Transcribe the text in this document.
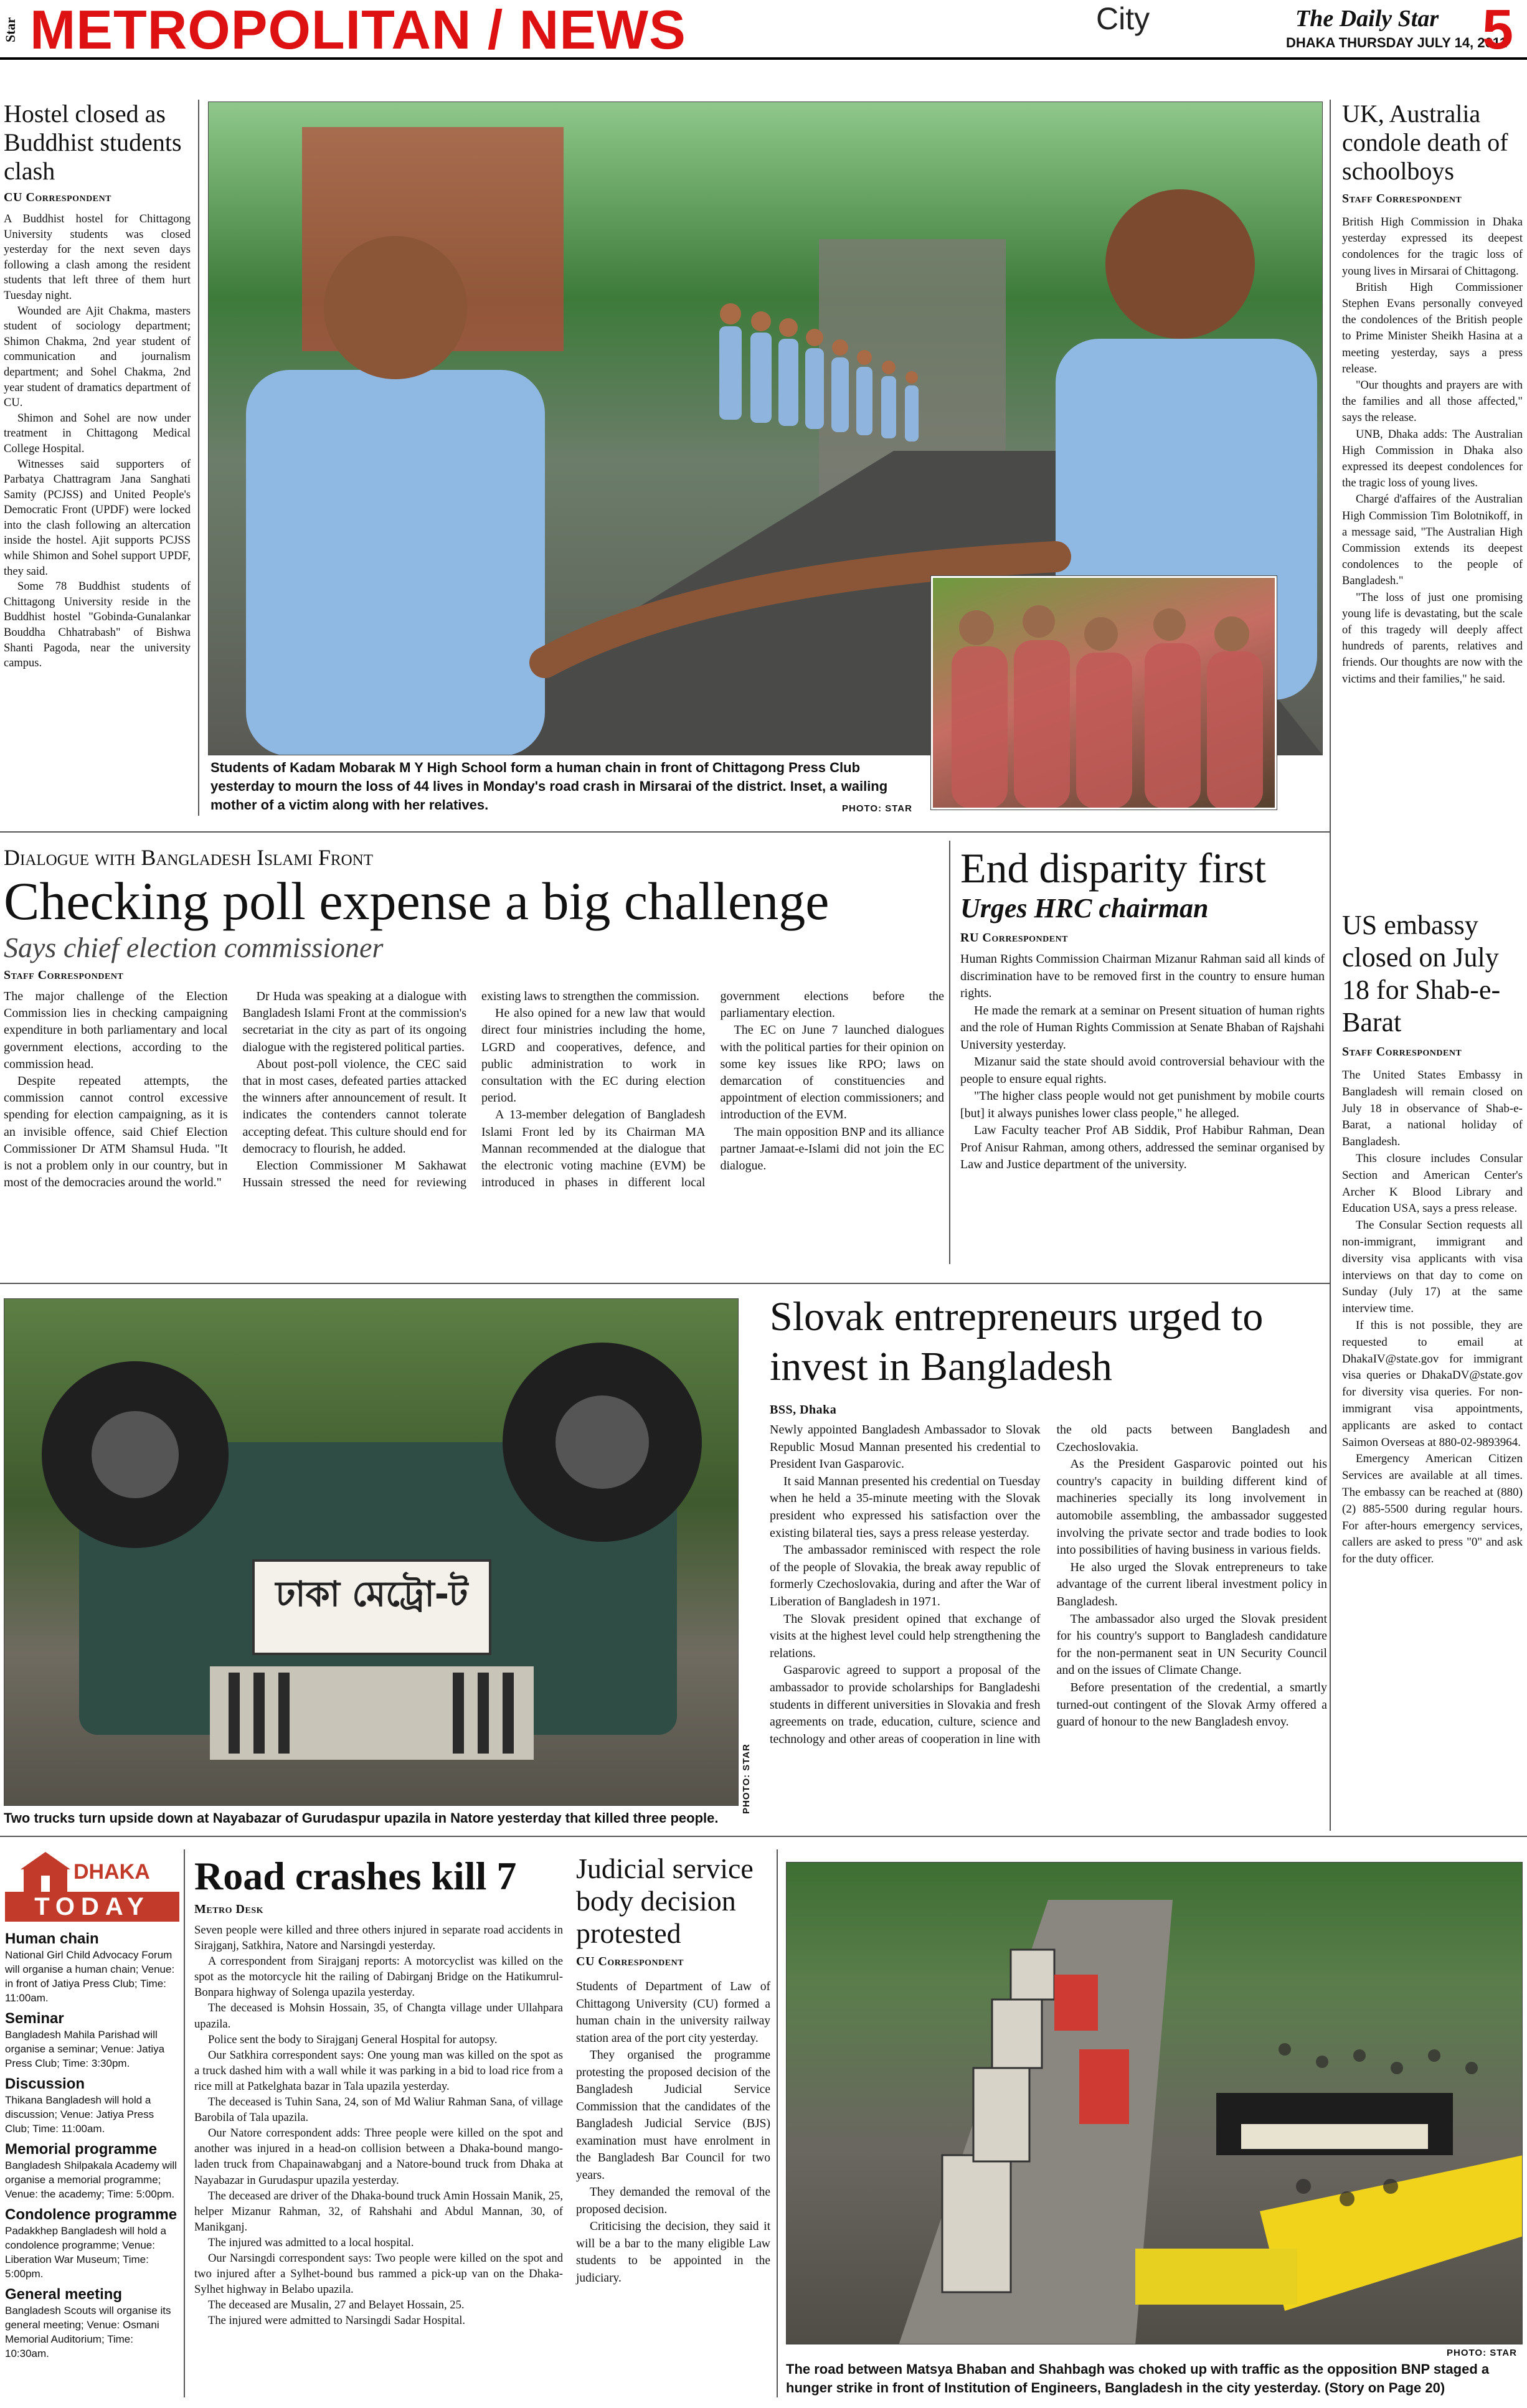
Star METROPOLITAN / NEWS	City	The Daily Star
DHAKA THURSDAY JULY 14, 2011
5
Hostel closed as Buddhist students clash
CU Correspondent

A Buddhist hostel for Chittagong University students was closed yesterday for the next seven days following a clash among the resident students that left three of them hurt Tuesday night.

Wounded are Ajit Chakma, masters student of sociology department; Shimon Chakma, 2nd year student of communication and journalism department; and Sohel Chakma, 2nd year student of dramatics department of CU.

Shimon and Sohel are now under treatment in Chittagong Medical College Hospital.

Witnesses said supporters of Parbatya Chattragram Jana Sanghati Samity (PCJSS) and United People's Democratic Front (UPDF) were locked into the clash following an altercation inside the hostel. Ajit supports PCJSS while Shimon and Sohel support UPDF, they said.

Some 78 Buddhist students of Chittagong University reside in the Buddhist hostel "Gobinda-Gunalankar Bouddha Chhatrabash" of Bishwa Shanti Pagoda, near the university campus.

Students of Kadam Mobarak M Y High School form a human chain in front of Chittagong Press Club yesterday to mourn the loss of 44 lives in Monday's road crash in Mirsarai of the district. Inset, a wailing mother of a victim along with her relatives.	PHOTO: STAR
UK, Australia condole death of schoolboys
Staff Correspondent

British High Commission in Dhaka yesterday expressed its deepest condolences for the tragic loss of young lives in Mirsarai of Chittagong.

British High Commissioner Stephen Evans personally conveyed the condolences of the British people to Prime Minister Sheikh Hasina at a meeting yesterday, says a press release.

"Our thoughts and prayers are with the families and all those affected," says the release.

UNB, Dhaka adds: The Australian High Commission in Dhaka also expressed its deepest condolences for the tragic loss of young lives.

Chargé d'affaires of the Australian High Commission Tim Bolotnikoff, in a message said, "The Australian High Commission extends its deepest condolences to the people of Bangladesh."

"The loss of just one promising young life is devastating, but the scale of this tragedy will deeply affect hundreds of parents, relatives and friends. Our thoughts are now with the victims and their families," he said.

US embassy closed on July 18 for Shab-e-Barat
Staff Correspondent

The United States Embassy in Bangladesh will remain closed on July 18 in observance of Shab-e-Barat, a national holiday of Bangladesh.

This closure includes Consular Section and American Center's Archer K Blood Library and Education USA, says a press release.

The Consular Section requests all non-immigrant, immigrant and diversity visa applicants with visa interviews on that day to come on Sunday (July 17) at the same interview time.

If this is not possible, they are requested to email at DhakaIV@state.gov for immigrant visa queries or DhakaDV@state.gov for diversity visa queries. For non-immigrant visa appointments, applicants are asked to contact Saimon Overseas at 880-02-9893964.

Emergency American Citizen Services are available at all times. The embassy can be reached at (880) (2) 885-5500 during regular hours. For after-hours emergency services, callers are asked to press "0" and ask for the duty officer.

Dialogue with Bangladesh Islami Front
Checking poll expense a big challenge
Says chief election commissioner
Staff Correspondent

The major challenge of the Election Commission lies in checking campaigning expenditure in both parliamentary and local government elections, according to the commission head.

Despite repeated attempts, the commission cannot control excessive spending for election campaigning, as it is an invisible offence, said Chief Election Commissioner Dr ATM Shamsul Huda. "It is not a problem only in our country, but in most of the democracies around the world."

Dr Huda was speaking at a dialogue with Bangladesh Islami Front at the commission's secretariat in the city as part of its ongoing dialogue with the registered political parties.

About post-poll violence, the CEC said that in most cases, defeated parties attacked the winners after announcement of result. It indicates the contenders cannot tolerate accepting defeat. This culture should end for democracy to flourish, he added.

Election Commissioner M Sakhawat Hussain stressed the need for reviewing existing laws to strengthen the commission.

He also opined for a new law that would direct four ministries including the home, LGRD and cooperatives, defence, and public administration to work in consultation with the EC during election period.

A 13-member delegation of Bangladesh Islami Front led by its Chairman MA Mannan recommended at the dialogue that the electronic voting machine (EVM) be introduced in phases in different local government elections before the parliamentary election.

The EC on June 7 launched dialogues with the political parties for their opinion on some key issues like RPO; laws on demarcation of constituencies and appointment of election commissioners; and introduction of the EVM.

The main opposition BNP and its alliance partner Jamaat-e-Islami did not join the EC dialogue.

End disparity first
Urges HRC chairman
RU Correspondent

Human Rights Commission Chairman Mizanur Rahman said all kinds of discrimination have to be removed first in the country to ensure human rights.

He made the remark at a seminar on Present situation of human rights and the role of Human Rights Commission at Senate Bhaban of Rajshahi University yesterday.

Mizanur said the state should avoid controversial behaviour with the people to ensure equal rights.

"The higher class people would not get punishment by mobile courts [but] it always punishes lower class people," he alleged.

Law Faculty teacher Prof AB Siddik, Prof Habibur Rahman, Dean Prof Anisur Rahman, among others, addressed the seminar organised by Law and Justice department of the university.

ঢাকা মেট্রো-ট
PHOTO: STAR
Two trucks turn upside down at Nayabazar of Gurudaspur upazila in Natore yesterday that killed three people.
Slovak entrepreneurs urged to invest in Bangladesh
BSS, Dhaka

Newly appointed Bangladesh Ambassador to Slovak Republic Mosud Mannan presented his credential to President Ivan Gasparovic.

It said Mannan presented his credential on Tuesday when he held a 35-minute meeting with the Slovak president who expressed his satisfaction over the existing bilateral ties, says a press release yesterday.

The ambassador reminisced with respect the role of the people of Slovakia, the break away republic of formerly Czechoslovakia, during and after the War of Liberation of Bangladesh in 1971.

The Slovak president opined that exchange of visits at the highest level could help strengthening the relations.

Gasparovic agreed to support a proposal of the ambassador to provide scholarships for Bangladeshi students in different universities in Slovakia and fresh agreements on trade, education, culture, science and technology and other areas of cooperation in line with the old pacts between Bangladesh and Czechoslovakia.

As the President Gasparovic pointed out his country's capacity in building different kind of machineries specially its long involvement in automobile assembling, the ambassador suggested involving the private sector and trade bodies to look into possibilities of having business in various fields.

He also urged the Slovak entrepreneurs to take advantage of the current liberal investment policy in Bangladesh.

The ambassador also urged the Slovak president for his country's support to Bangladesh candidature for the non-permanent seat in UN Security Council and on the issues of Climate Change.

Before presentation of the credential, a smartly turned-out contingent of the Slovak Army offered a guard of honour to the new Bangladesh envoy.

DHAKA
TODAY
Human chain
National Girl Child Advocacy Forum will organise a human chain; Venue: in front of Jatiya Press Club; Time: 11:00am.
Seminar
Bangladesh Mahila Parishad will organise a seminar; Venue: Jatiya Press Club; Time: 3:30pm.
Discussion
Thikana Bangladesh will hold a discussion; Venue: Jatiya Press Club; Time: 11:00am.
Memorial programme
Bangladesh Shilpakala Academy will organise a memorial programme; Venue: the academy; Time: 5:00pm.
Condolence programme
Padakkhep Bangladesh will hold a condolence programme; Venue: Liberation War Museum; Time: 5:00pm.
General meeting
Bangladesh Scouts will organise its general meeting; Venue: Osmani Memorial Auditorium; Time: 10:30am.
Road crashes kill 7
Metro Desk

Seven people were killed and three others injured in separate road accidents in Sirajganj, Satkhira, Natore and Narsingdi yesterday.

A correspondent from Sirajganj reports: A motorcyclist was killed on the spot as the motorcycle hit the railing of Dabirganj Bridge on the Hatikumrul-Bonpara highway of Solenga upazila yesterday.

The deceased is Mohsin Hossain, 35, of Changta village under Ullahpara upazila.

Police sent the body to Sirajganj General Hospital for autopsy.

Our Satkhira correspondent says: One young man was killed on the spot as a truck dashed him with a wall while it was parking in a bid to load rice from a rice mill at Patkelghata bazar in Tala upazila yesterday.

The deceased is Tuhin Sana, 24, son of Md Waliur Rahman Sana, of village Barobila of Tala upazila.

Our Natore correspondent adds: Three people were killed on the spot and another was injured in a head-on collision between a Dhaka-bound mango-laden truck from Chapainawabganj and a Natore-bound truck from Dhaka at Nayabazar in Gurudaspur upazila yesterday.

The deceased are driver of the Dhaka-bound truck Amin Hossain Manik, 25, helper Mizanur Rahman, 32, of Rahshahi and Abdul Mannan, 30, of Manikganj.

The injured was admitted to a local hospital.

Our Narsingdi correspondent says: Two people were killed on the spot and two injured after a Sylhet-bound bus rammed a pick-up van on the Dhaka-Sylhet highway in Belabo upazila.

The deceased are Musalin, 27 and Belayet Hossain, 25.

The injured were admitted to Narsingdi Sadar Hospital.

Judicial service body decision protested
CU Correspondent

Students of Department of Law of Chittagong University (CU) formed a human chain in the university railway station area of the port city yesterday.

They organised the programme protesting the proposed decision of the Bangladesh Judicial Service Commission that the candidates of the Bangladesh Judicial Service (BJS) examination must have enrolment in the Bangladesh Bar Council for two years.

They demanded the removal of the proposed decision.

Criticising the decision, they said it will be a bar to the many eligible Law students to be appointed in the judiciary.

PHOTO: STAR
The road between Matsya Bhaban and Shahbagh was choked up with traffic as the opposition BNP staged a hunger strike in front of Institution of Engineers, Bangladesh in the city yesterday. (Story on Page 20)
